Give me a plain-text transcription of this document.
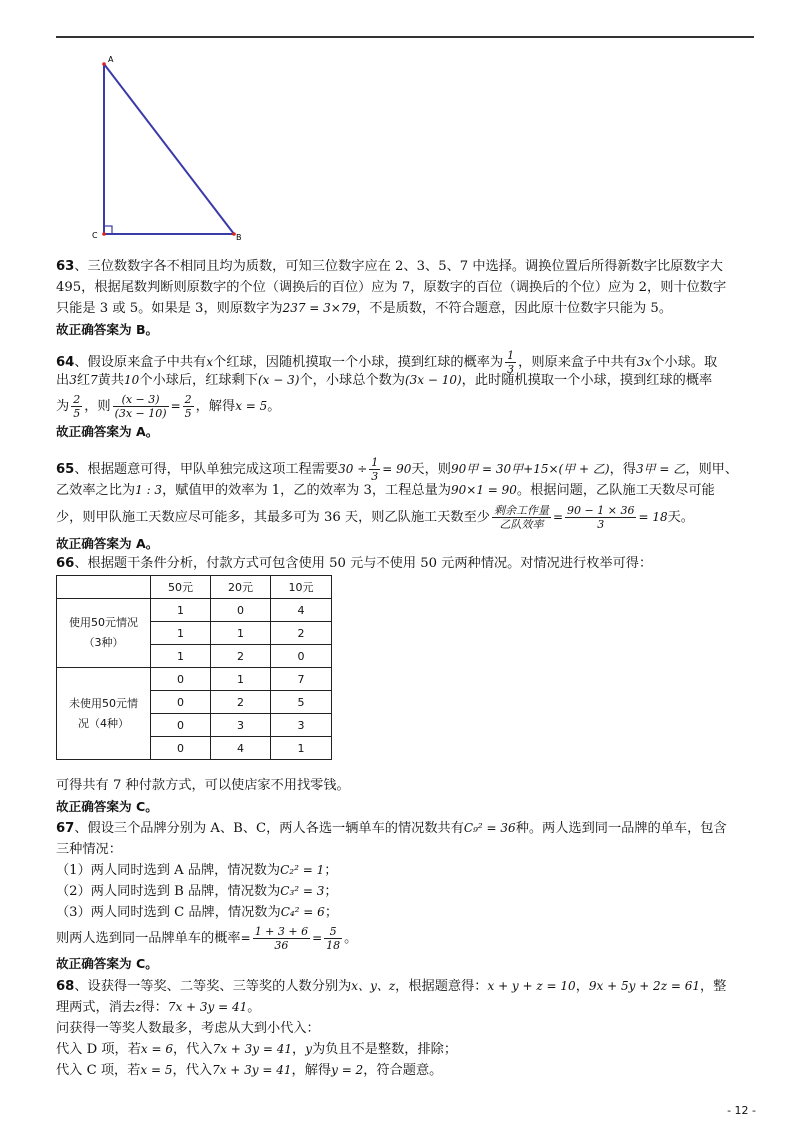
A
C	B
63、三位数数字各不相同且均为质数，可知三位数字应在 2、3、5、7 中选择。调换位置后所得新数字比原数字大
495，根据尾数判断则原数字的个位（调换后的百位）应为 7，原数字的百位（调换后的个位）应为 2，则十位数字
只能是 3 或 5。如果是 3，则原数字为237 = 3×79，不是质数，不符合题意，因此原十位数字只能为 5。
故正确答案为 B。
64、假设原来盒子中共有x个红球，因随机摸取一个小球，摸到红球的概率为 $\frac{1}{3}$ ，则原来盒子中共有3x个小球。取
出3红7黄共10个小球后，红球剩下(x − 3)个，小球总个数为(3x − 10)，此时随机摸取一个小球，摸到红球的概率
为 $\frac{2}{5}$ ，则 $\frac{(x - 3)}{(3x - 10)} = \frac{2}{5}$ ，解得x = 5。
故正确答案为 A。
65、根据题意可得，甲队单独完成这项工程需要$30 \div \frac{1}{3} = 90$天，则90甲 = 30甲+15×(甲 + 乙)，得3甲 = 乙，则甲、
乙效率之比为1 : 3，赋值甲的效率为 1，乙的效率为 3，工程总量为90×1 = 90。根据问题，乙队施工天数尽可能
少，则甲队施工天数应尽可能多，其最多可为 36 天，则乙队施工天数至少 $\frac{\text{剩余工作量}}{\text{乙队效率}} = \frac{90 - 1 \times 36}{3} = 18$天。
故正确答案为 A。
66、根据题干条件分析，付款方式可包含使用 50 元与不使用 50 元两种情况。对情况进行枚举可得：
	50元	20元	10元
使用50元情况
（3种）	1	0	4
	1	1	2
	1	2	0
未使用50元情
况（4种）	0	1	7
	0	2	5
	0	3	3
	0	4	1
可得共有 7 种付款方式，可以使店家不用找零钱。
故正确答案为 C。
67、假设三个品牌分别为 A、B、C，两人各选一辆单车的情况数共有C₉² = 36种。两人选到同一品牌的单车，包含
三种情况：
（1）两人同时选到 A 品牌，情况数为C₂² = 1；
（2）两人同时选到 B 品牌，情况数为C₃² = 3；
（3）两人同时选到 C 品牌，情况数为C₄² = 6；
则两人选到同一品牌单车的概率= $\frac{1 + 3 + 6}{36} = \frac{5}{18}$ 。
故正确答案为 C。
68、设获得一等奖、二等奖、三等奖的人数分别为x、y、z，根据题意得：x + y + z = 10，9x + 5y + 2z = 61，整
理两式，消去z得：7x + 3y = 41。
问获得一等奖人数最多，考虑从大到小代入：
代入 D 项，若x = 6，代入7x + 3y = 41，y为负且不是整数，排除；
代入 C 项，若x = 5，代入7x + 3y = 41，解得y = 2，符合题意。
- 12 -
